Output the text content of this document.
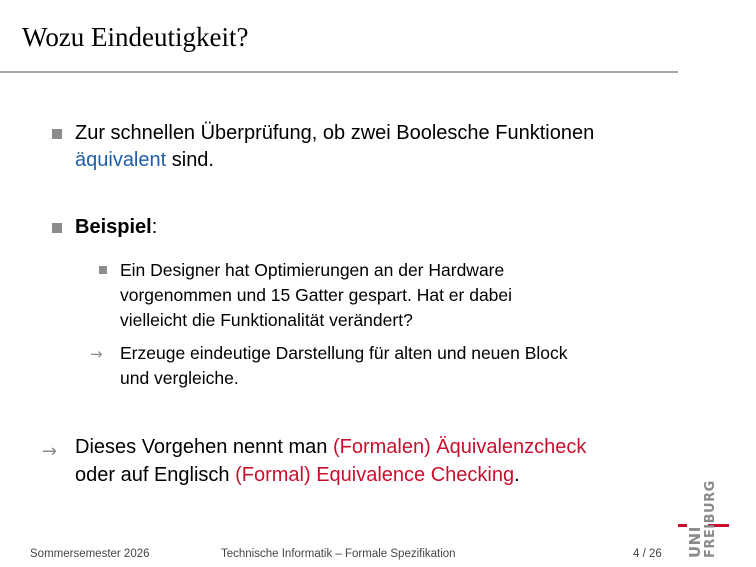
Wozu Eindeutigkeit?
Zur schnellen Überprüfung, ob zwei Boolesche Funktionen
äquivalent sind.
Beispiel:
Ein Designer hat Optimierungen an der Hardware
vorgenommen und 15 Gatter gespart. Hat er dabei
vielleicht die Funktionalität verändert?
→ Erzeuge eindeutige Darstellung für alten und neuen Block
und vergleiche.
→ Dieses Vorgehen nennt man (Formalen) Äquivalenzcheck
oder auf Englisch (Formal) Equivalence Checking.
Sommersemester 2026	Technische Informatik – Formale Spezifikation	4 / 26 UNI FREIBURG
